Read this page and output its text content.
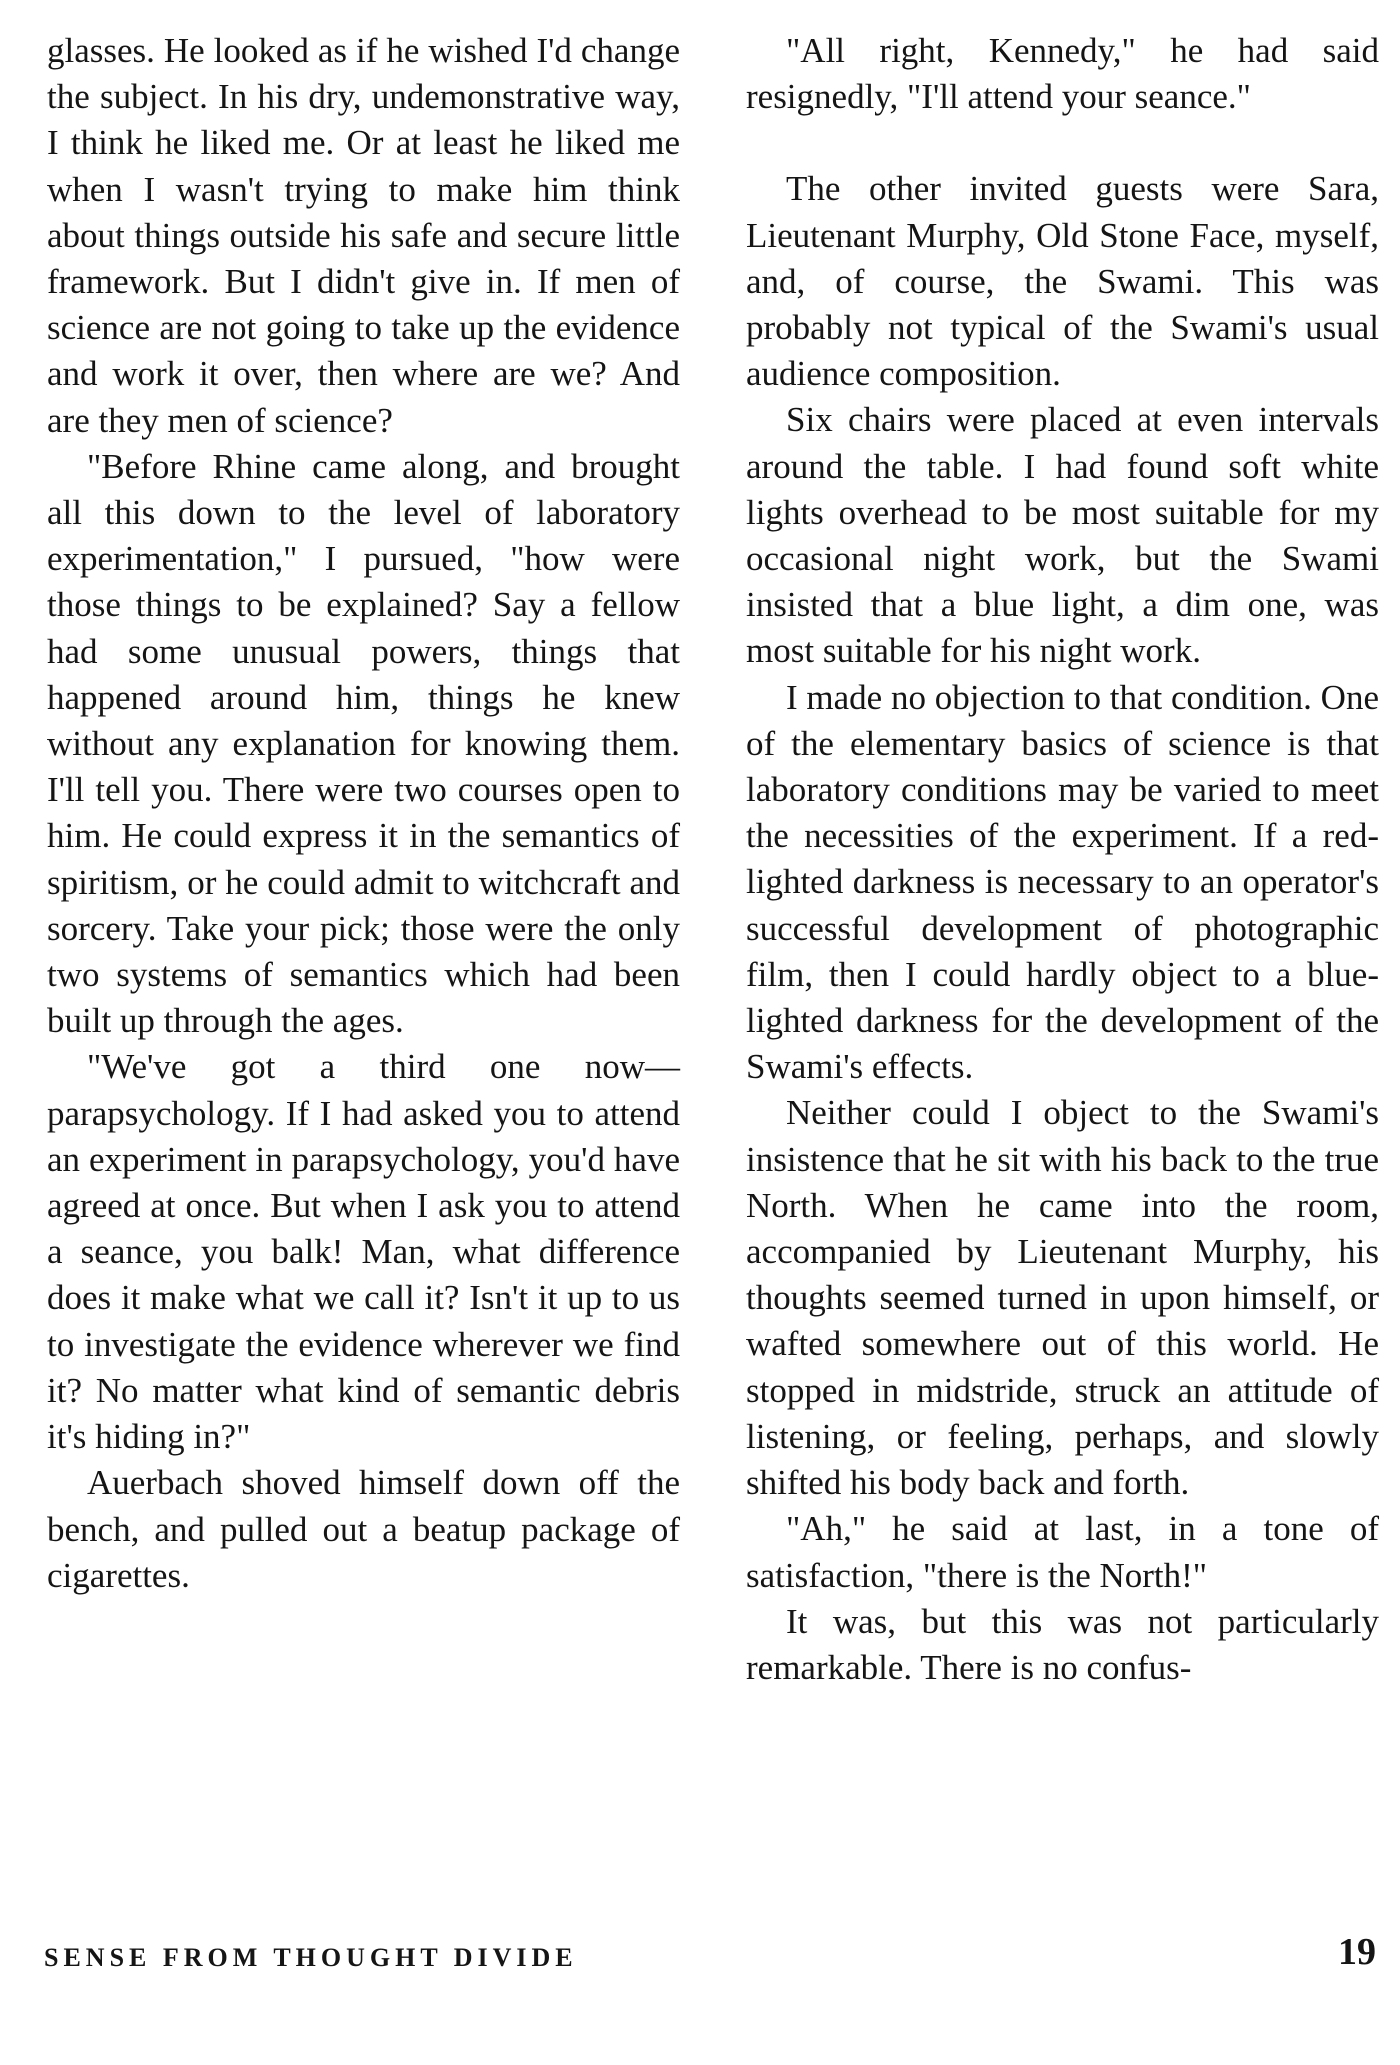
glasses. He looked as if he wished I'd change the subject. In his dry, undemonstrative way, I think he liked me. Or at least he liked me when I wasn't trying to make him think about things outside his safe and secure little framework. But I didn't give in. If men of science are not going to take up the evidence and work it over, then where are we? And are they men of science?

"Before Rhine came along, and brought all this down to the level of laboratory experimentation," I pursued, "how were those things to be explained? Say a fellow had some unusual powers, things that happened around him, things he knew without any explanation for knowing them. I'll tell you. There were two courses open to him. He could express it in the semantics of spiritism, or he could admit to witchcraft and sorcery. Take your pick; those were the only two systems of semantics which had been built up through the ages.

"We've got a third one now—parapsychology. If I had asked you to attend an experiment in parapsychology, you'd have agreed at once. But when I ask you to attend a seance, you balk! Man, what difference does it make what we call it? Isn't it up to us to investigate the evidence wherever we find it? No matter what kind of semantic debris it's hiding in?"

Auerbach shoved himself down off the bench, and pulled out a beatup package of cigarettes.

"All right, Kennedy," he had said resignedly, "I'll attend your seance."

The other invited guests were Sara, Lieutenant Murphy, Old Stone Face, myself, and, of course, the Swami. This was probably not typical of the Swami's usual audience composition.

Six chairs were placed at even intervals around the table. I had found soft white lights overhead to be most suitable for my occasional night work, but the Swami insisted that a blue light, a dim one, was most suitable for his night work.

I made no objection to that condition. One of the elementary basics of science is that laboratory conditions may be varied to meet the necessities of the experiment. If a red-lighted darkness is necessary to an operator's successful development of photographic film, then I could hardly object to a blue-lighted darkness for the development of the Swami's effects.

Neither could I object to the Swami's insistence that he sit with his back to the true North. When he came into the room, accompanied by Lieutenant Murphy, his thoughts seemed turned in upon himself, or wafted somewhere out of this world. He stopped in midstride, struck an attitude of listening, or feeling, perhaps, and slowly shifted his body back and forth.

"Ah," he said at last, in a tone of satisfaction, "there is the North!"

It was, but this was not particularly remarkable. There is no confus-

SENSE FROM THOUGHT DIVIDE	19
